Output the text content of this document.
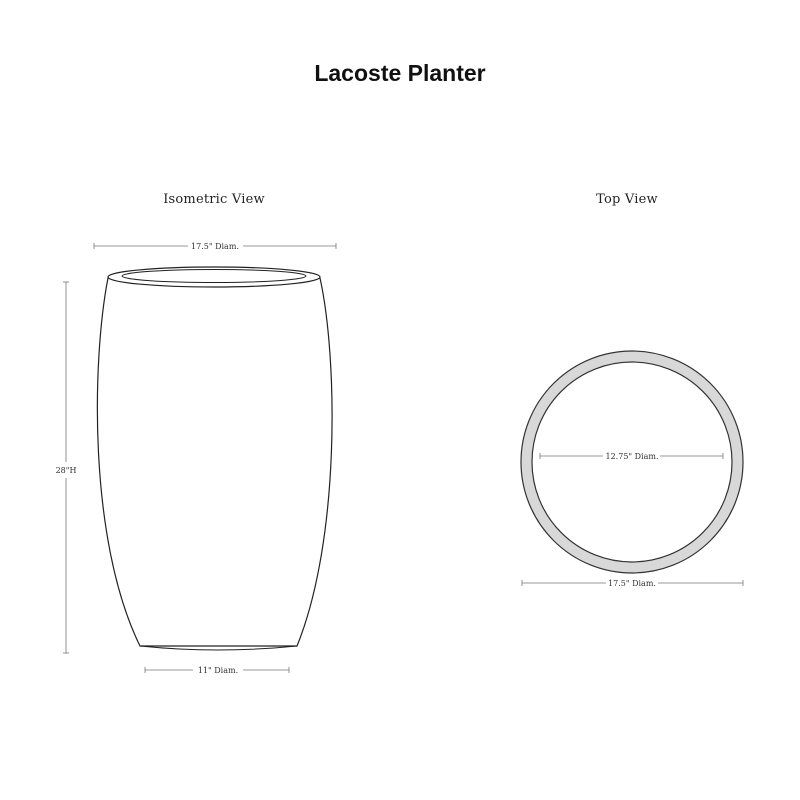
Lacoste Planter
Isometric View	Top View
17.5" Diam.
28"H
11" Diam.
12.75" Diam.
17.5" Diam.
